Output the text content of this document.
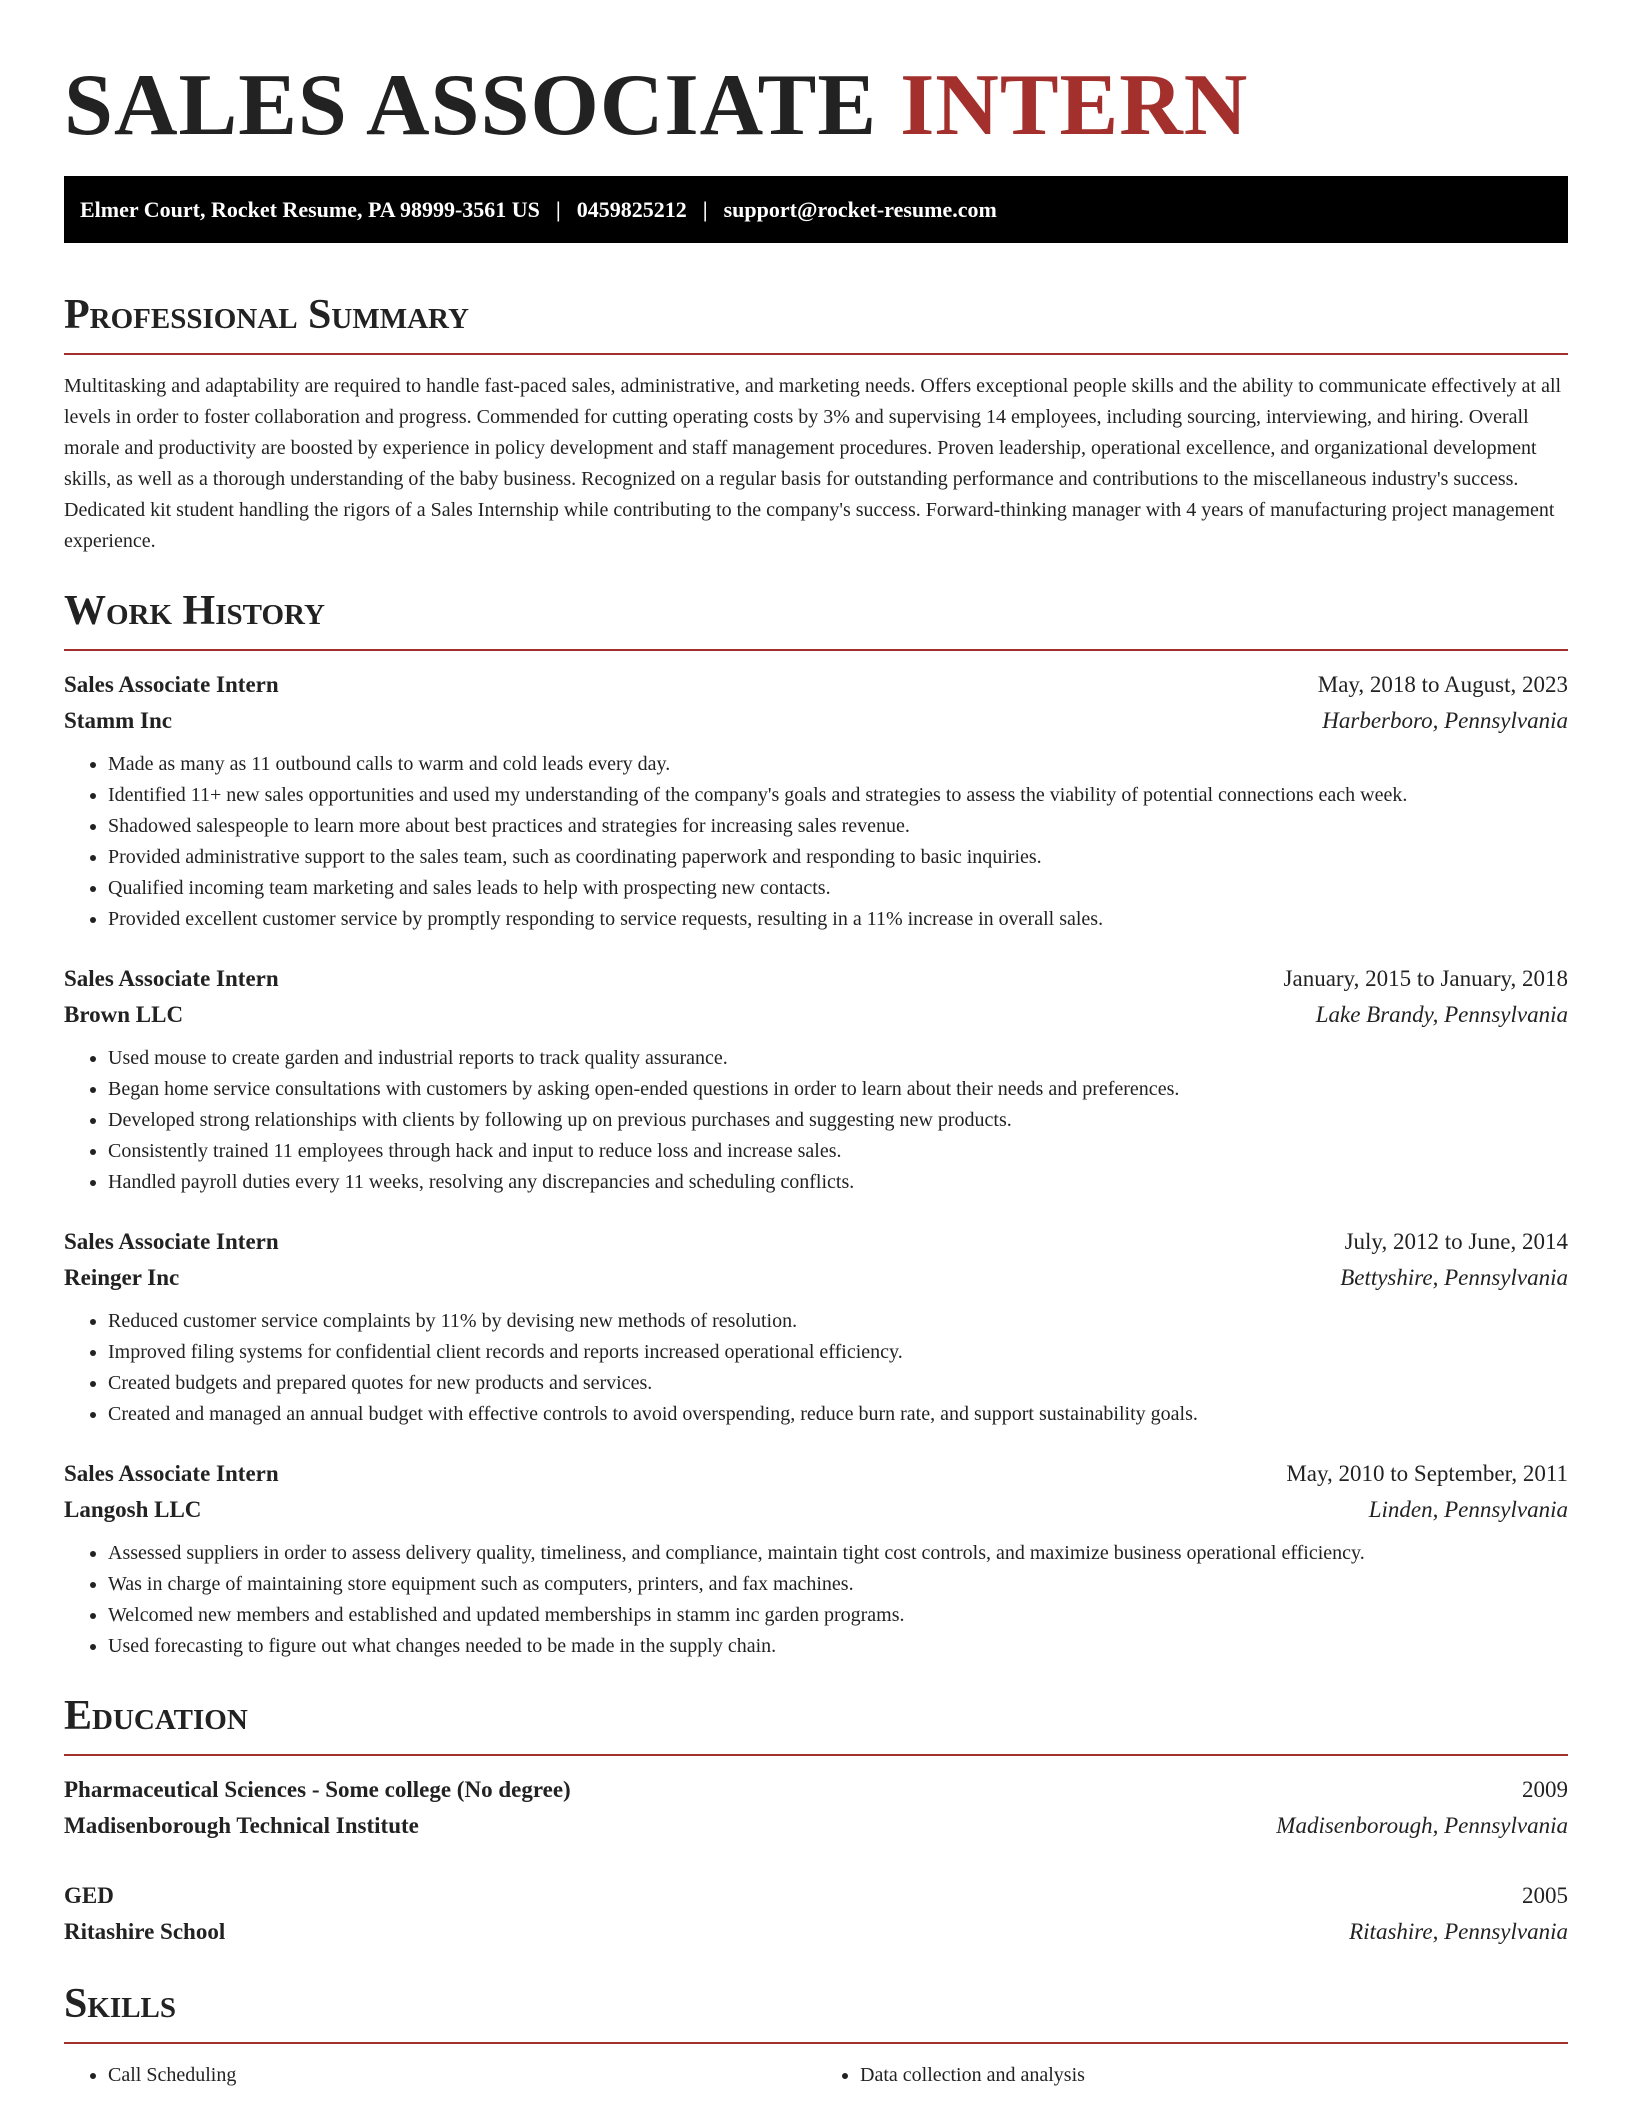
SALES ASSOCIATE INTERN
Elmer Court, Rocket Resume, PA 98999-3561 US | 0459825212 | support@rocket-resume.com
Professional Summary

Multitasking and adaptability are required to handle fast-paced sales, administrative, and marketing needs. Offers exceptional people skills and the ability to communicate effectively at all levels in order to foster collaboration and progress. Commended for cutting operating costs by 3% and supervising 14 employees, including sourcing, interviewing, and hiring. Overall morale and productivity are boosted by experience in policy development and staff management procedures. Proven leadership, operational excellence, and organizational development skills, as well as a thorough understanding of the baby business. Recognized on a regular basis for outstanding performance and contributions to the miscellaneous industry's success. Dedicated kit student handling the rigors of a Sales Internship while contributing to the company's success. Forward-thinking manager with 4 years of manufacturing project management experience.

Work History
Sales Associate Intern	May, 2018 to August, 2023
Stamm Inc	Harberboro, Pennsylvania
• Made as many as 11 outbound calls to warm and cold leads every day.
• Identified 11+ new sales opportunities and used my understanding of the company's goals and strategies to assess the viability of potential connections each week.
• Shadowed salespeople to learn more about best practices and strategies for increasing sales revenue.
• Provided administrative support to the sales team, such as coordinating paperwork and responding to basic inquiries.
• Qualified incoming team marketing and sales leads to help with prospecting new contacts.
• Provided excellent customer service by promptly responding to service requests, resulting in a 11% increase in overall sales.
Sales Associate Intern	January, 2015 to January, 2018
Brown LLC	Lake Brandy, Pennsylvania
• Used mouse to create garden and industrial reports to track quality assurance.
• Began home service consultations with customers by asking open-ended questions in order to learn about their needs and preferences.
• Developed strong relationships with clients by following up on previous purchases and suggesting new products.
• Consistently trained 11 employees through hack and input to reduce loss and increase sales.
• Handled payroll duties every 11 weeks, resolving any discrepancies and scheduling conflicts.
Sales Associate Intern	July, 2012 to June, 2014
Reinger Inc	Bettyshire, Pennsylvania
• Reduced customer service complaints by 11% by devising new methods of resolution.
• Improved filing systems for confidential client records and reports increased operational efficiency.
• Created budgets and prepared quotes for new products and services.
• Created and managed an annual budget with effective controls to avoid overspending, reduce burn rate, and support sustainability goals.
Sales Associate Intern	May, 2010 to September, 2011
Langosh LLC	Linden, Pennsylvania
• Assessed suppliers in order to assess delivery quality, timeliness, and compliance, maintain tight cost controls, and maximize business operational efficiency.
• Was in charge of maintaining store equipment such as computers, printers, and fax machines.
• Welcomed new members and established and updated memberships in stamm inc garden programs.
• Used forecasting to figure out what changes needed to be made in the supply chain.
Education
Pharmaceutical Sciences - Some college (No degree)	2009
Madisenborough Technical Institute	Madisenborough, Pennsylvania
GED	2005
Ritashire School	Ritashire, Pennsylvania
Skills
• Call Scheduling
•	Data collection and analysis
